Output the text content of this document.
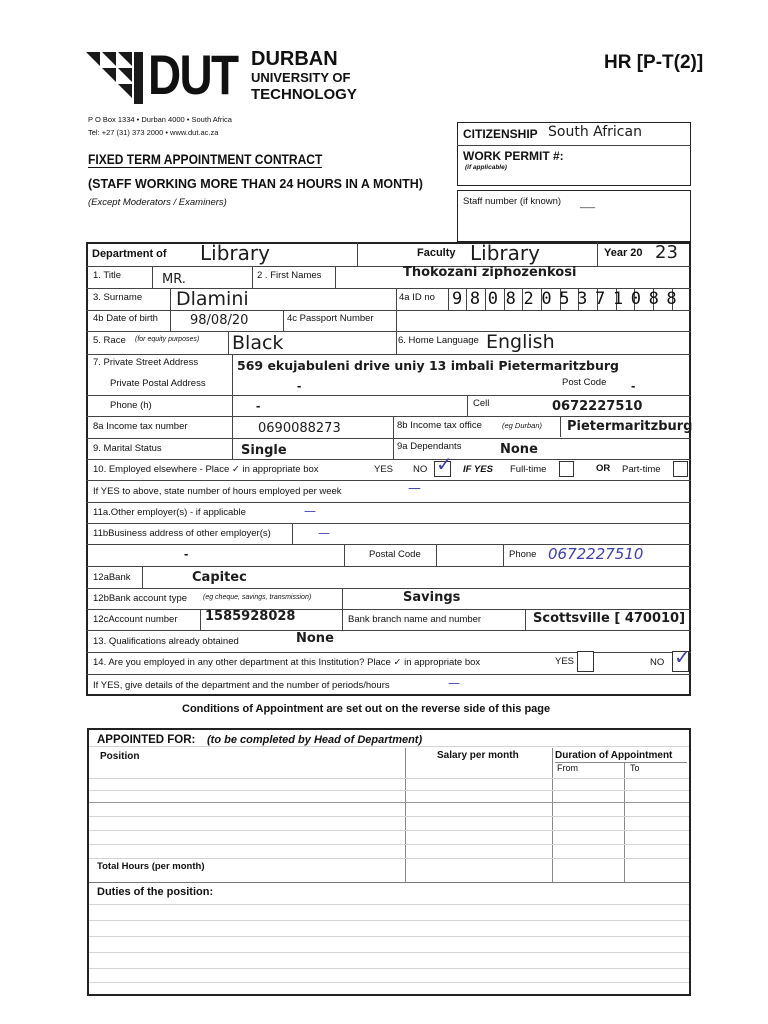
DUT DURBAN
UNIVERSITY OF
TECHNOLOGY
HR [P-T(2)]
P O Box 1334 • Durban 4000 • South Africa
Tel: +27 (31) 373 2000 • www.dut.ac.za
FIXED TERM APPOINTMENT CONTRACT
(STAFF WORKING MORE THAN 24 HOURS IN A MONTH)
(Except Moderators / Examiners)
CITIZENSHIP South African
WORK PERMIT #:
(if applicable)
Staff number (if known) ___
Department of Library	Faculty Library	Year 20 23
1. Title	MR.	2 . First Names	Thokozani ziphozenkosi
3. Surname Dlamini	4a ID no 9 8 0 8 2 0 5 3 7 1 0 8 8
4b Date of birth 98/08/20	4c Passport Number
5. Race (for equity purposes) Black	6. Home Language English
7. Private Street Address	569 ekujabuleni drive uniy 13 imbali Pietermaritzburg
Private Postal Address	-	Post Code -
Phone (h)	-	Cell	0672227510
8a Income tax number	0690088273	8b Income tax office	(eg Durban) Pietermaritzburg
9. Marital Status	Single	9a Dependants	None
10. Employed elsewhere - Place ✓ in appropriate box	YES NO ✓ IF YES Full-time	OR Part-time
If YES to above, state number of hours employed per week	—
11a.Other employer(s) - if applicable	—
11bBusiness address of other employer(s)	—
-	Postal Code	Phone 0672227510
12aBank	Capitec
12bBank account type (eg cheque, savings, transmission)	Savings
12cAccount number 1585928028	Bank branch name and number	Scottsville [ 470010]
13. Qualifications already obtained	None
14. Are you employed in any other department at this Institution? Place ✓ in appropriate box	YES	NO ✓
If YES, give details of the department and the number of periods/hours	—
Conditions of Appointment are set out on the reverse side of this page
APPOINTED FOR: (to be completed by Head of Department)
Position	Salary per month	Duration of Appointment
From	To
Total Hours (per month)
Duties of the position:
